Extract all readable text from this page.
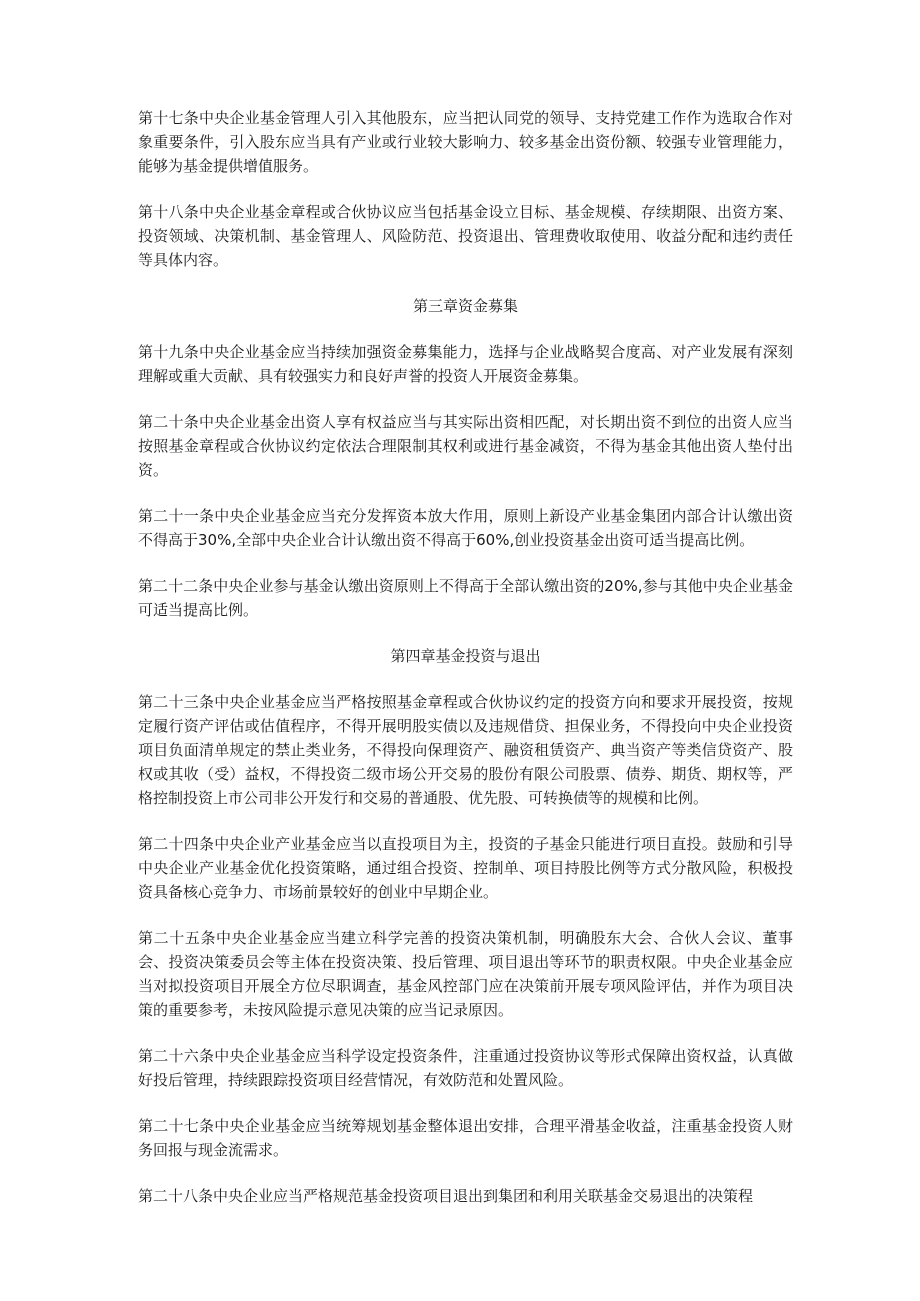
第十七条中央企业基金管理人引入其他股东，应当把认同党的领导、支持党建工作作为选取合作对象重要条件，引入股东应当具有产业或行业较大影响力、较多基金出资份额、较强专业管理能力，能够为基金提供增值服务。

第十八条中央企业基金章程或合伙协议应当包括基金设立目标、基金规模、存续期限、出资方案、投资领域、决策机制、基金管理人、风险防范、投资退出、管理费收取使用、收益分配和违约责任等具体内容。

第三章资金募集

第十九条中央企业基金应当持续加强资金募集能力，选择与企业战略契合度高、对产业发展有深刻理解或重大贡献、具有较强实力和良好声誉的投资人开展资金募集。

第二十条中央企业基金出资人享有权益应当与其实际出资相匹配，对长期出资不到位的出资人应当按照基金章程或合伙协议约定依法合理限制其权利或进行基金减资，不得为基金其他出资人垫付出资。

第二十一条中央企业基金应当充分发挥资本放大作用，原则上新设产业基金集团内部合计认缴出资不得高于30%,全部中央企业合计认缴出资不得高于60%,创业投资基金出资可适当提高比例。

第二十二条中央企业参与基金认缴出资原则上不得高于全部认缴出资的20%,参与其他中央企业基金可适当提高比例。

第四章基金投资与退出

第二十三条中央企业基金应当严格按照基金章程或合伙协议约定的投资方向和要求开展投资，按规定履行资产评估或估值程序，不得开展明股实债以及违规借贷、担保业务，不得投向中央企业投资项目负面清单规定的禁止类业务，不得投向保理资产、融资租赁资产、典当资产等类信贷资产、股权或其收（受）益权，不得投资二级市场公开交易的股份有限公司股票、债券、期货、期权等，严格控制投资上市公司非公开发行和交易的普通股、优先股、可转换债等的规模和比例。

第二十四条中央企业产业基金应当以直投项目为主，投资的子基金只能进行项目直投。鼓励和引导中央企业产业基金优化投资策略，通过组合投资、控制单、项目持股比例等方式分散风险，积极投资具备核心竞争力、市场前景较好的创业中早期企业。

第二十五条中央企业基金应当建立科学完善的投资决策机制，明确股东大会、合伙人会议、董事会、投资决策委员会等主体在投资决策、投后管理、项目退出等环节的职责权限。中央企业基金应当对拟投资项目开展全方位尽职调查，基金风控部门应在决策前开展专项风险评估，并作为项目决策的重要参考，未按风险提示意见决策的应当记录原因。

第二十六条中央企业基金应当科学设定投资条件，注重通过投资协议等形式保障出资权益，认真做好投后管理，持续跟踪投资项目经营情况，有效防范和处置风险。

第二十七条中央企业基金应当统筹规划基金整体退出安排，合理平滑基金收益，注重基金投资人财务回报与现金流需求。

第二十八条中央企业应当严格规范基金投资项目退出到集团和利用关联基金交易退出的决策程
